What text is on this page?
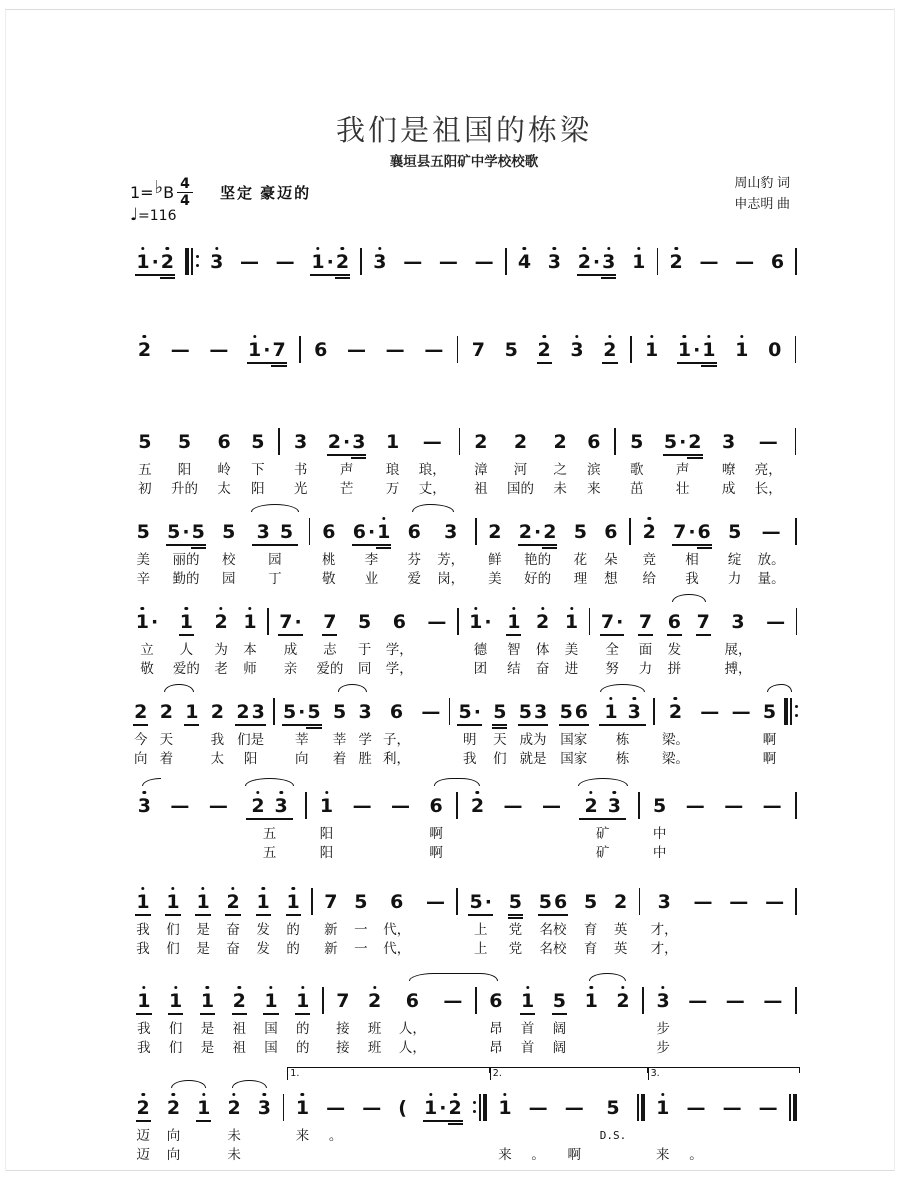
我们是祖国的栋梁
襄垣县五阳矿中学校校歌
1= ♭ B $\frac{4}{4}$ 坚定 豪迈的
♩=116
周山豹 词
申志明 曲
1 · 2 3 — — 1 · 2 3 — — — 4 3 2 · 3 1 2 — — 6
2 — — 1 · 7 6 — — — 7 5 2 3 2 1 1 · 1 1 0
5
五
初
5
阳
升的
6
岭
太
5
下
阳
3
书
光
2 · 3
声
芒
1
琅
万
—
琅，
丈，
2
漳
祖
2
河
国的
2
之
未
6
滨
来
5
歌
茁
5 · 2
声
壮
3
嘹
成
—
亮，
长，
5
美
辛
5 · 5
丽的
勤的
5
校
园
3 5
园
丁
6
桃
敬
6 · 1
李
业
6
芬
爱
3
芳，
岗，
2
鲜
美
2 · 2
艳的
好的
5
花
理
6
朵
想
2
竞
给
7 · 6
相
我
5
绽
力
—
放。
量。
1 ·
立
敬
1
人
爱的
2
为
老
1
本
师
7 ·
成
亲
7
志
爱的
5
于
同
6
学，
学，
— 1 ·
德
团
1
智
结
2
体
奋
1
美
进
7 ·
全
努
7
面
力
6
发
拼
7 3
展，
搏，
—
2
今
向
2
天
着
1 2
我
太
2 3
们是
阳
5 · 5
莘
向
5
莘
着
3
学
胜
6
子，
利，
— 5 ·
明
我
5
天
们
5 3
成为
就是
5 6
国家
国家
1 3
栋
栋
2
梁。
梁。
— — 5
啊
啊
3 — — 2 3
五
五
1
阳
阳
— — 6
啊
啊
2 — — 2 3
矿
矿
5
中
中
— — —
1
我
我
1
们
们
1
是
是
2
奋
奋
1
发
发
1
的
的
7
新
新
5
一
一
6
代，
代，
— 5 ·
上
上
5
党
党
5 6
名校
名校
5
育
育
2
英
英
3
才，
才，
— — —
1
我
我
1
们
们
1
是
是
2
祖
祖
1
国
国
1
的
的
7
接
接
2
班
班
6
人，
人，
— 6
昂
昂
1
首
首
5
阔
阔
1 2 3
步
步
— — —
2
迈
迈
2
向
向
1 2
未
未
3
1.
1
来
—
。
— ( 1 · 2
2.
1
来
—
。
—
啊
5
D.S.
3.
1
来
—
。
— —
